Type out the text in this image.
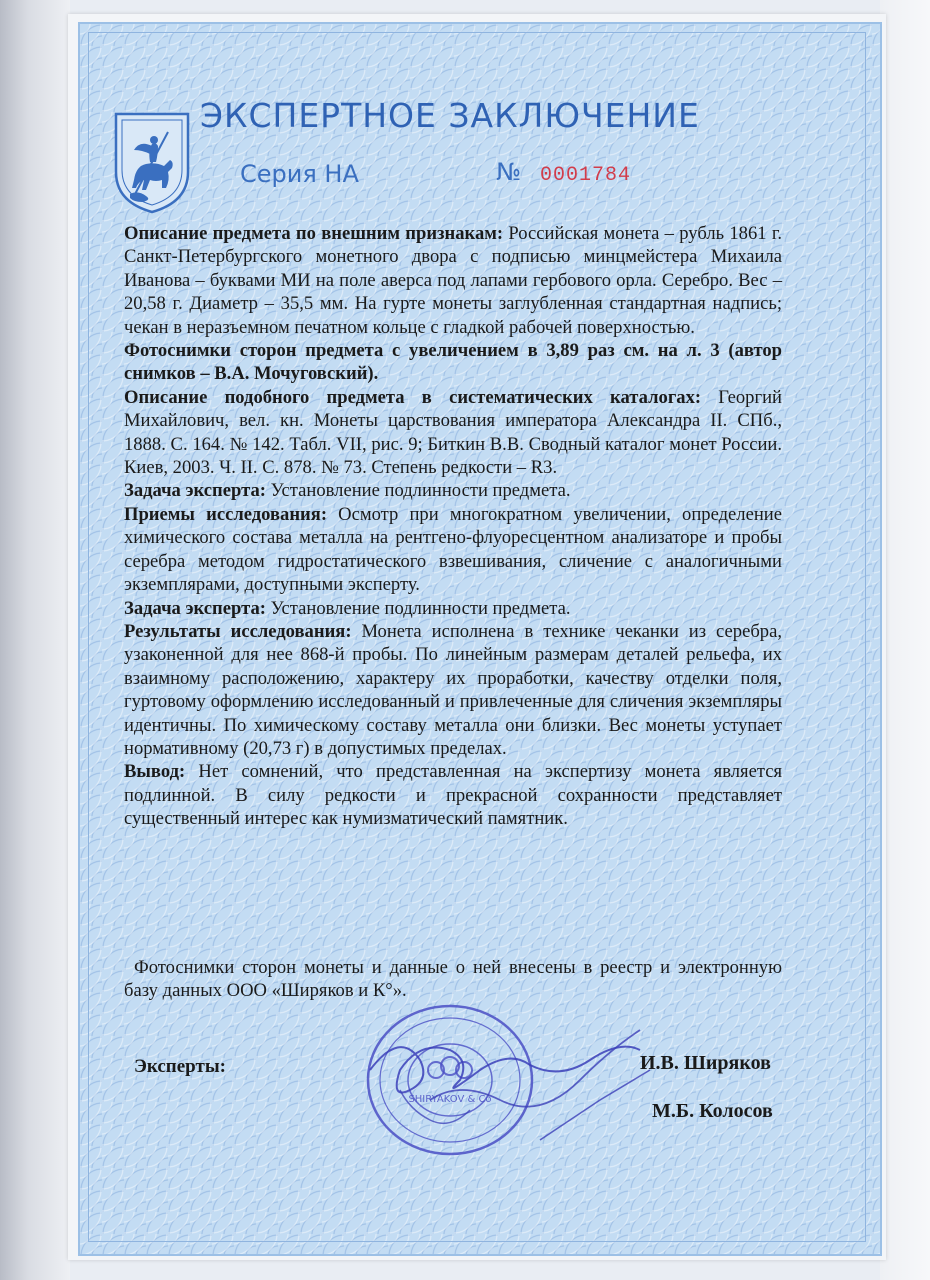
ЭКСПЕРТНОЕ ЗАКЛЮЧЕНИЕ
Серия НА	№ 0001784

Описание предмета по внешним признакам: Российская монета – рубль 1861 г. Санкт-Петербургского монетного двора с подписью минцмейстера Михаила Иванова – буквами МИ на поле аверса под лапами гербового орла. Серебро. Вес – 20,58 г. Диаметр – 35,5 мм. На гурте монеты заглубленная стандартная надпись; чекан в неразъемном печатном кольце с гладкой рабочей поверхностью.

Фотоснимки сторон предмета с увеличением в 3,89 раз см. на л. 3 (автор снимков – В.А. Мочуговский).

Описание подобного предмета в систематических каталогах: Георгий Михайлович, вел. кн. Монеты царствования императора Александра II. СПб., 1888. С. 164. № 142. Табл. VII, рис. 9; Биткин В.В. Сводный каталог монет России. Киев, 2003. Ч. II. С. 878. № 73. Степень редкости – R3.

Задача эксперта: Установление подлинности предмета.

Приемы исследования: Осмотр при многократном увеличении, определение химического состава металла на рентгено-флуоресцентном анализаторе и пробы серебра методом гидростатического взвешивания, сличение с аналогичными экземплярами, доступными эксперту.

Задача эксперта: Установление подлинности предмета.

Результаты исследования: Монета исполнена в технике чеканки из серебра, узаконенной для нее 868-й пробы. По линейным размерам деталей рельефа, их взаимному расположению, характеру их проработки, качеству отделки поля, гуртовому оформлению исследованный и привлеченные для сличения экземпляры идентичны. По химическому составу металла они близки. Вес монеты уступает нормативному (20,73 г) в допустимых пределах.

Вывод: Нет сомнений, что представленная на экспертизу монета является подлинной. В силу редкости и прекрасной сохранности представляет существенный интерес как нумизматический памятник.

Фотоснимки сторон монеты и данные о ней внесены в реестр и электронную базу данных ООО «Ширяков и К°».
SHIRYAKOV & Co
Эксперты:	И.В. Ширяков
М.Б. Колосов
